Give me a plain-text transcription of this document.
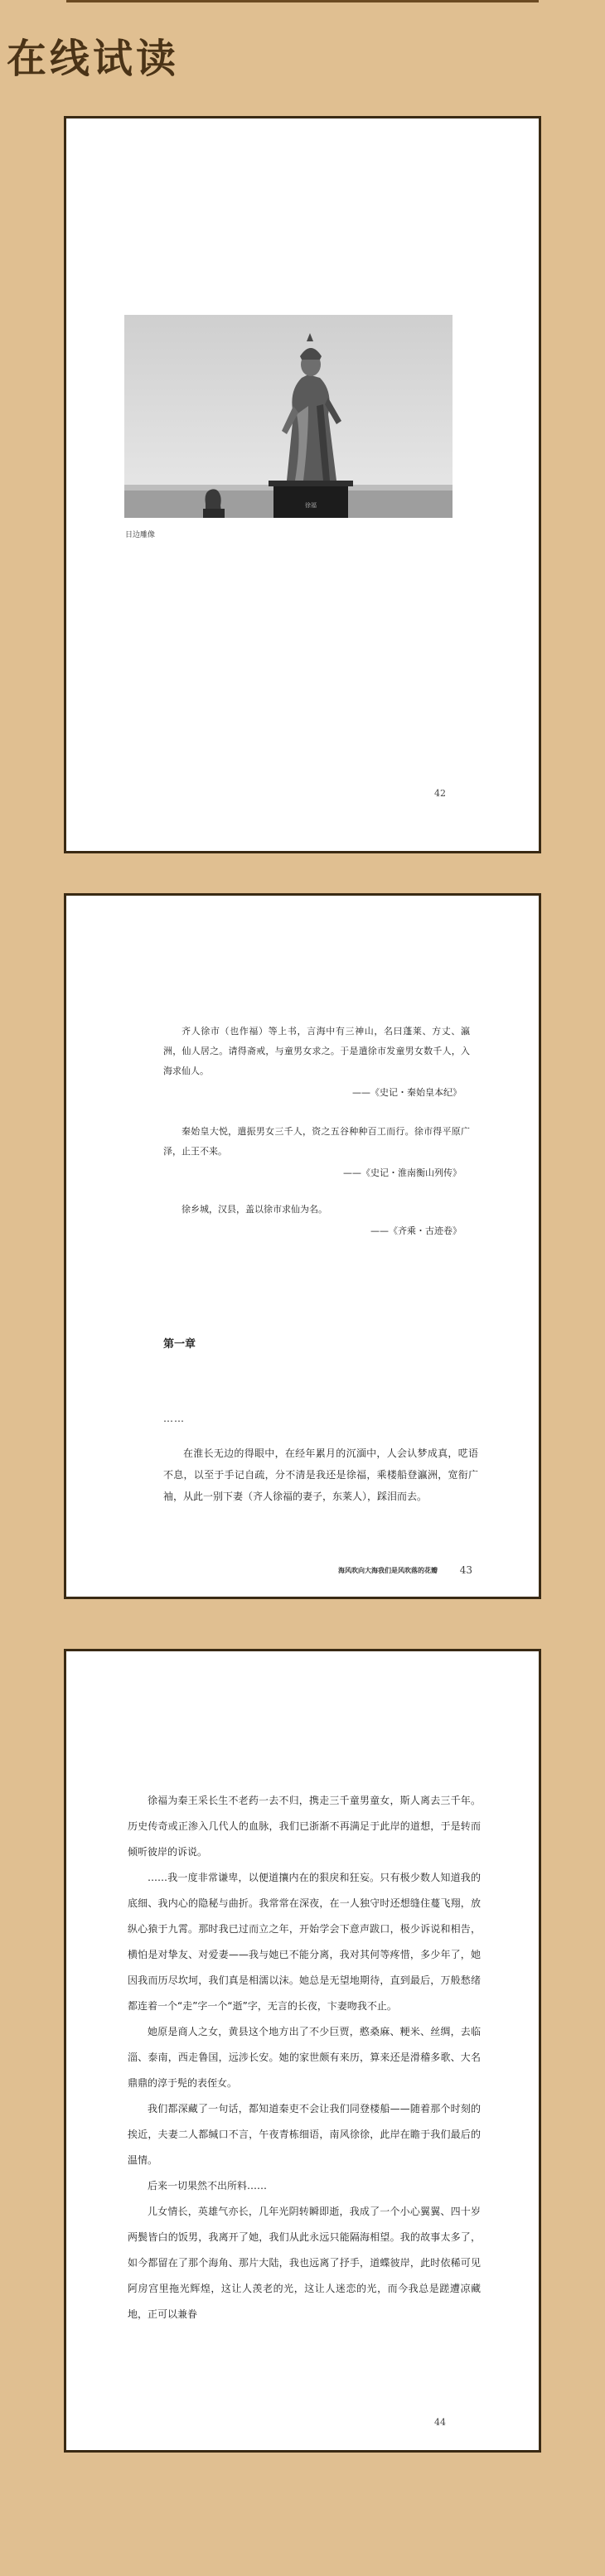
在线试读
徐福
日边雕像
42

齐人徐市（也作福）等上书，言海中有三神山，名曰蓬莱、方丈、瀛洲，仙人居之。请得斋戒，与童男女求之。于是遣徐市发童男女数千人，入海求仙人。

——《史记・秦始皇本纪》

秦始皇大悦，遣振男女三千人，资之五谷种种百工而行。徐市得平原广泽，止王不来。

——《史记・淮南衡山列传》

徐乡城，汉县，盖以徐市求仙为名。

——《齐乘・古迹卷》
第一章
……

在淮长无边的得眼中，在经年累月的沉湎中，人会认梦成真，呓语不息，以至于手记自疏，分不清是我还是徐福，乘楼船登瀛洲，宽衔广袖，从此一别下妻（齐人徐福的妻子，东莱人），踩泪而去。

海风吹向大海我们是风吹落的花瓣 43

徐福为秦王采长生不老药一去不归，携走三千童男童女，斯人离去三千年。历史传奇或正渗入几代人的血脉，我们已浙渐不再满足于此岸的道想，于是转而倾听彼岸的诉说。

……我一度非常谦卑，以便道攘内在的狠戾和狂妄。只有极少数人知道我的底细、我内心的隐秘与曲折。我常常在深夜，在一人独守时还想缝住蔓飞翔，放纵心猿于九霄。那时我已过而立之年，开始学会下意声跋口，极少诉说和相告，横怕是对挚友、对爱妻——我与她已不能分离，我对其何等疼惜，多少年了，她因我而历尽坎坷，我们真是相濡以沫。她总是无望地期待，直到最后，万般愁绪都连着一个“走”字一个“逝”字，无言的长夜，卞妻吻我不止。

她原是商人之女，黄县这个地方出了不少巨贾，憨桑麻、粳米、丝绸，去临淄、泰南，西走鲁国，远涉长安。她的家世颇有来历，算来还是滑稽多歌、大名鼎鼎的淳于髡的表侄女。

我们都深藏了一句话，都知道秦吏不会让我们同登楼船——随着那个时刻的挨近，夫妻二人都缄口不言，午夜青栋细语，南风徐徐，此岸在瞻于我们最后的温情。

后来一切果然不出所料……

儿女情长，英雄气亦长，几年光阴转瞬即逝，我成了一个小心翼翼、四十岁两鬓皆白的饭男，我离开了她，我们从此永远只能隔海相望。我的故事太多了，如今都留在了那个海角、那片大陆，我也远离了抒手，道蝶彼岸，此时依稀可见阿房宫里拖光辉煌，这让人羡老的光，这让人迷恋的光，而今我总是蹉遭凉藏地，正可以兼眷

44
